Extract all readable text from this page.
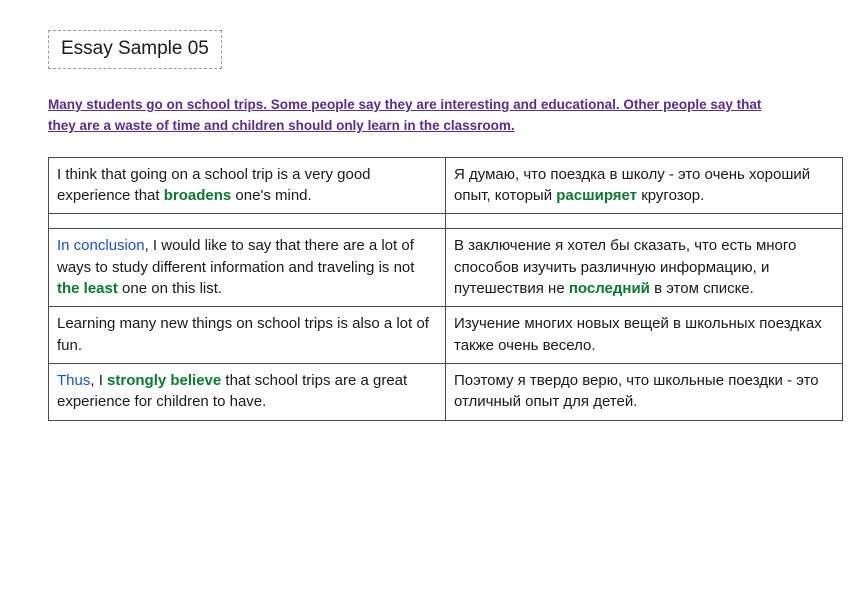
Essay Sample 05
Many students go on school trips. Some people say they are interesting and educational. Other people say that they are a waste of time and children should only learn in the classroom.
I think that going on a school trip is a very good experience that broadens one's mind.	Я думаю, что поездка в школу - это очень хороший опыт, который расширяет кругозор.

In conclusion, I would like to say that there are a lot of ways to study different information and traveling is not the least one on this list.	В заключение я хотел бы сказать, что есть много способов изучить различную информацию, и путешествия не последний в этом списке.
Learning many new things on school trips is also a lot of fun.	Изучение многих новых вещей в школьных поездках также очень весело.
Thus, I strongly believe that school trips are a great experience for children to have.	Поэтому я твердо верю, что школьные поездки - это отличный опыт для детей.
